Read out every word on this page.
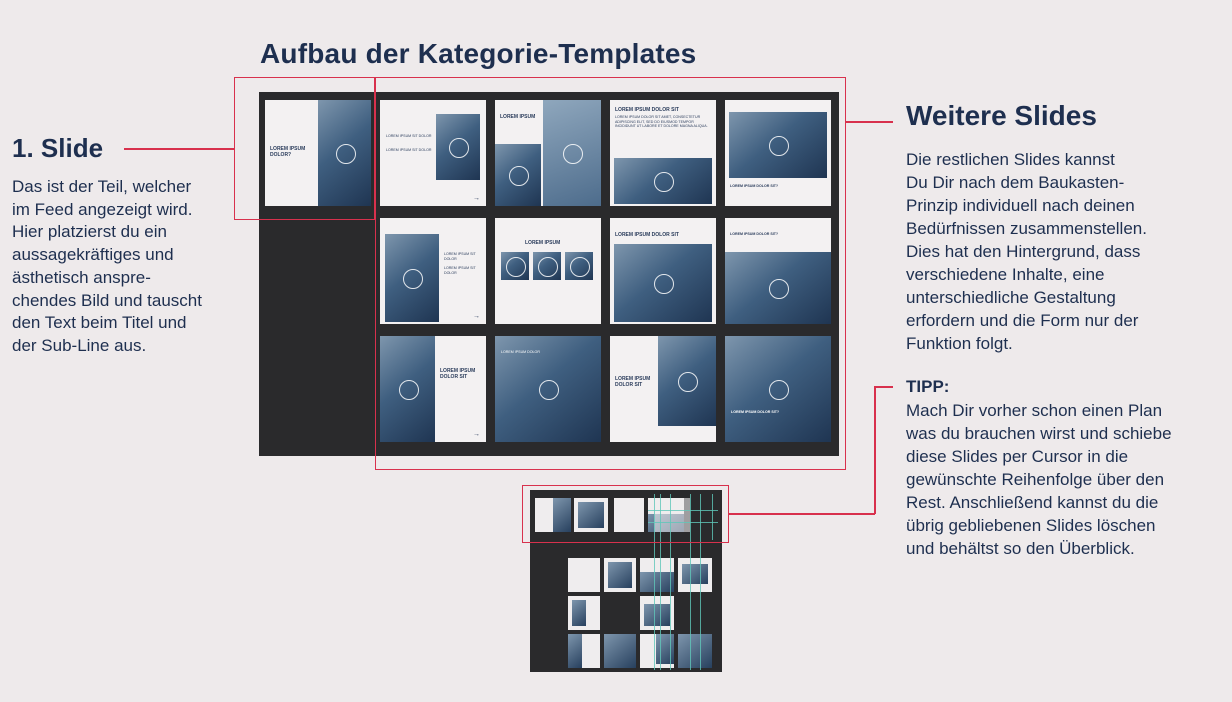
Aufbau der Kategorie-Templates
1. Slide
Das ist der Teil, welcher
im Feed angezeigt wird.
Hier platzierst du ein
aussagekräftiges und
ästhetisch anspre-
chendes Bild und tauscht
den Text beim Titel und
der Sub-Line aus.
Weitere Slides
Die restlichen Slides kannst
Du Dir nach dem Baukasten-
Prinzip individuell nach deinen
Bedürfnissen zusammenstellen.
Dies hat den Hintergrund, dass
verschiedene Inhalte, eine
unterschiedliche Gestaltung
erfordern und die Form nur der
Funktion folgt.
TIPP:
Mach Dir vorher schon einen Plan
was du brauchen wirst und schiebe
diese Slides per Cursor in die
gewünschte Reihenfolge über den
Rest. Anschließend kannst du die
übrig gebliebenen Slides löschen
und behältst so den Überblick.
LOREM IPSUM DOLOR?
LOREM IPSUM SIT DOLOR
LOREM IPSUM SIT DOLOR
→
LOREM IPSUM
LOREM IPSUM DOLOR SIT
LOREM IPSUM DOLOR SIT AMET, CONSECTETUR ADIPISCING ELIT, SED DO EIUSMOD TEMPOR INCIDIDUNT UT LABORE ET DOLORE MAGNA ALIQUA.
LOREM IPSUM DOLOR SIT?
LOREM IPSUM SIT DOLOR
LOREM IPSUM SIT DOLOR
→
LOREM IPSUM
LOREM IPSUM DOLOR SIT	LOREM IPSUM DOLOR SIT?
LOREM IPSUM DOLOR SIT
→
LOREM IPSUM DOLOR
LOREM IPSUM DOLOR SIT
LOREM IPSUM DOLOR SIT?
